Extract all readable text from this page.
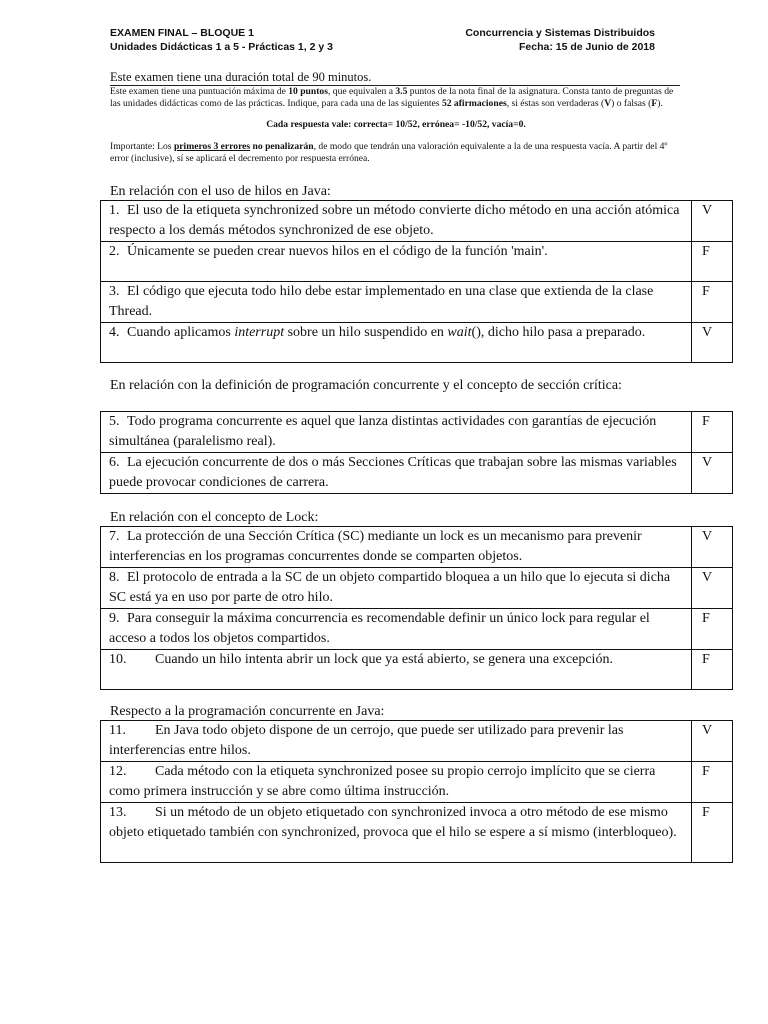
EXAMEN FINAL – BLOQUE 1	Concurrencia y Sistemas Distribuidos
Unidades Didácticas 1 a 5 - Prácticas 1, 2 y 3	Fecha: 15 de Junio de 2018
Este examen tiene una duración total de 90 minutos.
Este examen tiene una puntuación máxima de 10 puntos, que equivalen a 3.5 puntos de la nota final de la asignatura. Consta tanto de preguntas de las unidades didácticas como de las prácticas. Indique, para cada una de las siguientes 52 afirmaciones, si éstas son verdaderas (V) o falsas (F).
Cada respuesta vale: correcta= 10/52, errónea= -10/52, vacía=0.
Importante: Los primeros 3 errores no penalizarán, de modo que tendrán una valoración equivalente a la de una respuesta vacía. A partir del 4º error (inclusive), sí se aplicará el decremento por respuesta errónea.
En relación con el uso de hilos en Java:
1. El uso de la etiqueta synchronized sobre un método convierte dicho método en una acción atómica respecto a los demás métodos synchronized de ese objeto.	V
2. Únicamente se pueden crear nuevos hilos en el código de la función 'main'.	F
3. El código que ejecuta todo hilo debe estar implementado en una clase que extienda de la clase Thread.	F
4. Cuando aplicamos interrupt sobre un hilo suspendido en wait(), dicho hilo pasa a preparado.	V
En relación con la definición de programación concurrente y el concepto de sección crítica:
5. Todo programa concurrente es aquel que lanza distintas actividades con garantías de ejecución simultánea (paralelismo real).	F
6. La ejecución concurrente de dos o más Secciones Críticas que trabajan sobre las mismas variables puede provocar condiciones de carrera.	V
En relación con el concepto de Lock:
7. La protección de una Sección Crítica (SC) mediante un lock es un mecanismo para prevenir interferencias en los programas concurrentes donde se comparten objetos.	V
8. El protocolo de entrada a la SC de un objeto compartido bloquea a un hilo que lo ejecuta si dicha SC está ya en uso por parte de otro hilo.	V
9. Para conseguir la máxima concurrencia es recomendable definir un único lock para regular el acceso a todos los objetos compartidos.	F
10. Cuando un hilo intenta abrir un lock que ya está abierto, se genera una excepción.	F
Respecto a la programación concurrente en Java:
11. En Java todo objeto dispone de un cerrojo, que puede ser utilizado para prevenir las interferencias entre hilos.	V
12. Cada método con la etiqueta synchronized posee su propio cerrojo implícito que se cierra como primera instrucción y se abre como última instrucción.	F
13. Si un método de un objeto etiquetado con synchronized invoca a otro método de ese mismo objeto etiquetado también con synchronized, provoca que el hilo se espere a sí mismo (interbloqueo).	F
